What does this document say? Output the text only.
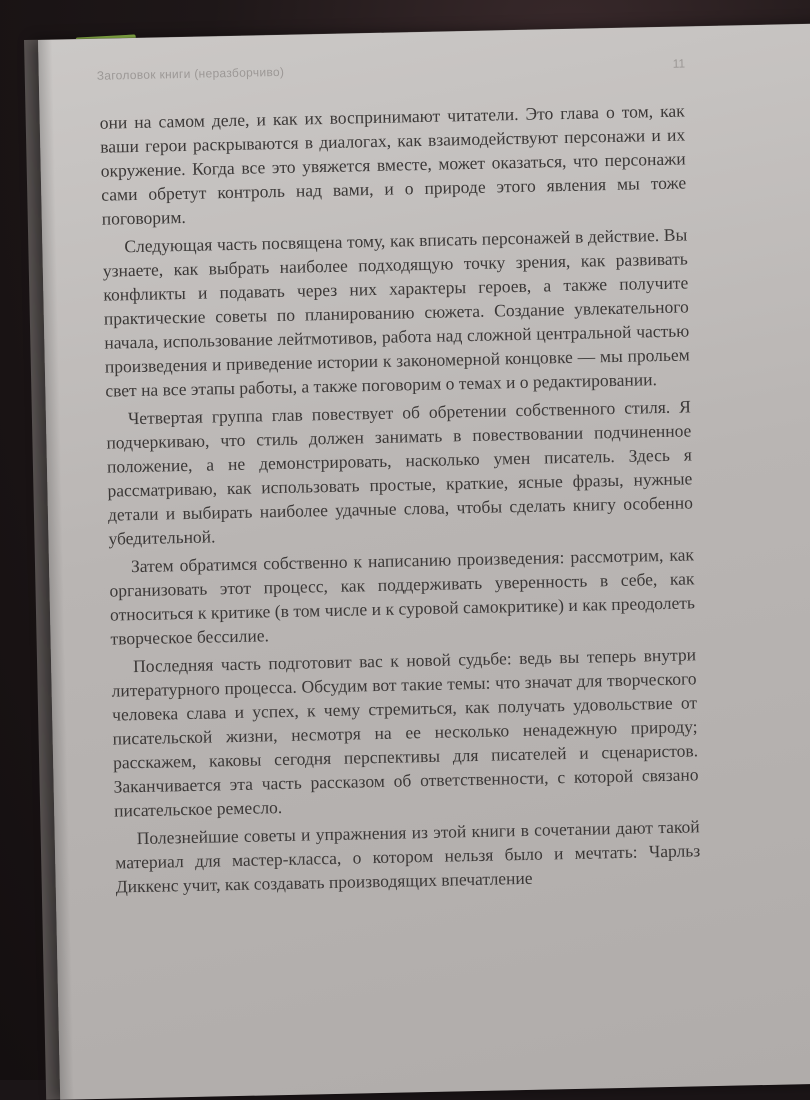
Заголовок книги (неразборчиво)
11

они на самом деле, и как их воспринимают читатели. Это глава о том, как ваши герои раскрываются в диалогах, как взаимодействуют персонажи и их окружение. Когда все это увяжется вместе, может оказаться, что персонажи сами обретут контроль над вами, и о природе этого явления мы тоже поговорим.

Следующая часть посвящена тому, как вписать персонажей в действие. Вы узнаете, как выбрать наиболее подходящую точку зрения, как развивать конфликты и подавать через них характеры героев, а также получите практические советы по планированию сюжета. Создание увлекательного начала, использование лейтмотивов, работа над сложной центральной частью произведения и приведение истории к закономерной концовке — мы прольем свет на все этапы работы, а также поговорим о темах и о редактировании.

Четвертая группа глав повествует об обретении собственного стиля. Я подчеркиваю, что стиль должен занимать в повествовании подчиненное положение, а не демонстрировать, насколько умен писатель. Здесь я рассматриваю, как использовать простые, краткие, ясные фразы, нужные детали и выбирать наиболее удачные слова, чтобы сделать книгу особенно убедительной.

Затем обратимся собственно к написанию произведения: рассмотрим, как организовать этот процесс, как поддерживать уверенность в себе, как относиться к критике (в том числе и к суровой самокритике) и как преодолеть творческое бессилие.

Последняя часть подготовит вас к новой судьбе: ведь вы теперь внутри литературного процесса. Обсудим вот такие темы: что значат для творческого человека слава и успех, к чему стремиться, как получать удовольствие от писательской жизни, несмотря на ее несколько ненадежную природу; расскажем, каковы сегодня перспективы для писателей и сценаристов. Заканчивается эта часть рассказом об ответственности, с которой связано писательское ремесло.

Полезнейшие советы и упражнения из этой книги в сочетании дают такой материал для мастер-класса, о котором нельзя было и мечтать: Чарльз Диккенс учит, как создавать производящих впечатление
